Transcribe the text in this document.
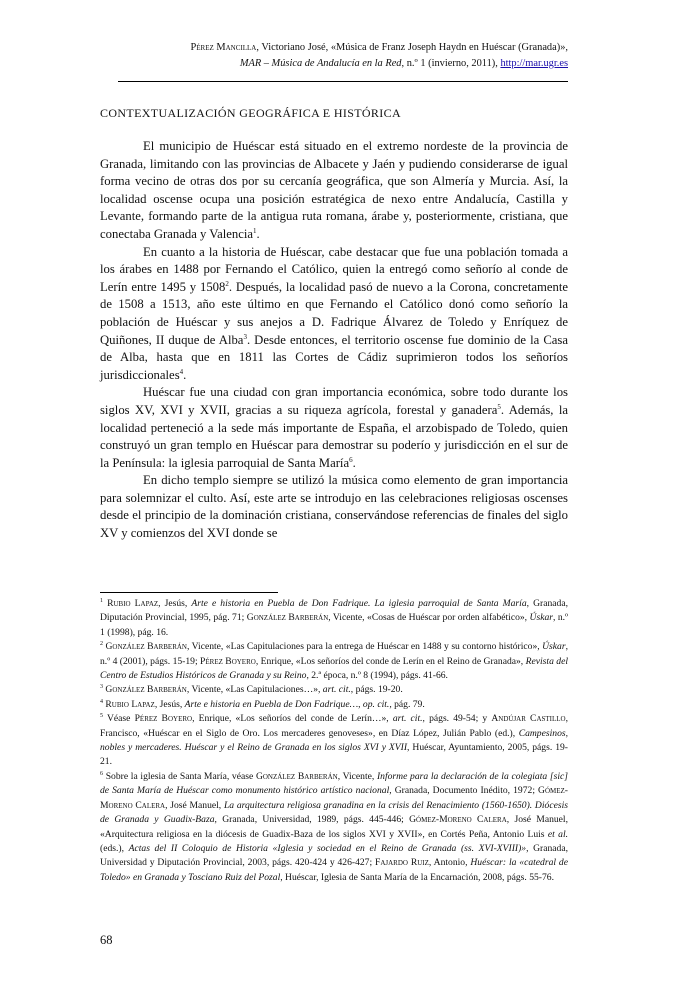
Pérez Mancilla, Victoriano José, «Música de Franz Joseph Haydn en Huéscar (Granada)»,
MAR – Música de Andalucía en la Red, n.º 1 (invierno, 2011), http://mar.ugr.es
CONTEXTUALIZACIÓN GEOGRÁFICA E HISTÓRICA

El municipio de Huéscar está situado en el extremo nordeste de la provincia de Granada, limitando con las provincias de Albacete y Jaén y pudiendo considerarse de igual forma vecino de otras dos por su cercanía geográfica, que son Almería y Murcia. Así, la localidad oscense ocupa una posición estratégica de nexo entre Andalucía, Castilla y Levante, formando parte de la antigua ruta romana, árabe y, posteriormente, cristiana, que conectaba Granada y Valencia$^1$.

En cuanto a la historia de Huéscar, cabe destacar que fue una población tomada a los árabes en 1488 por Fernando el Católico, quien la entregó como señorío al conde de Lerín entre 1495 y 1508$^2$. Después, la localidad pasó de nuevo a la Corona, concretamente de 1508 a 1513, año este último en que Fernando el Católico donó como señorío la población de Huéscar y sus anejos a D. Fadrique Álvarez de Toledo y Enríquez de Quiñones, II duque de Alba$^3$. Desde entonces, el territorio oscense fue dominio de la Casa de Alba, hasta que en 1811 las Cortes de Cádiz suprimieron todos los señoríos jurisdiccionales$^4$.

Huéscar fue una ciudad con gran importancia económica, sobre todo durante los siglos XV, XVI y XVII, gracias a su riqueza agrícola, forestal y ganadera$^5$. Además, la localidad perteneció a la sede más importante de España, el arzobispado de Toledo, quien construyó un gran templo en Huéscar para demostrar su poderío y jurisdicción en el sur de la Península: la iglesia parroquial de Santa María$^6$.

En dicho templo siempre se utilizó la música como elemento de gran importancia para solemnizar el culto. Así, este arte se introdujo en las celebraciones religiosas oscenses desde el principio de la dominación cristiana, conservándose referencias de finales del siglo XV y comienzos del XVI donde se

$^1$ Rubio Lapaz, Jesús, Arte e historia en Puebla de Don Fadrique. La iglesia parroquial de Santa María, Granada, Diputación Provincial, 1995, pág. 71; González Barberán, Vicente, «Cosas de Huéscar por orden alfabético», Úskar, n.º 1 (1998), pág. 16.

$^2$ González Barberán, Vicente, «Las Capitulaciones para la entrega de Huéscar en 1488 y su contorno histórico», Úskar, n.º 4 (2001), págs. 15-19; Pérez Boyero, Enrique, «Los señoríos del conde de Lerín en el Reino de Granada», Revista del Centro de Estudios Históricos de Granada y su Reino, 2.ª época, n.º 8 (1994), págs. 41-66.

$^3$ González Barberán, Vicente, «Las Capitulaciones…», art. cit., págs. 19-20.

$^4$ Rubio Lapaz, Jesús, Arte e historia en Puebla de Don Fadrique…, op. cit., pág. 79.

$^5$ Véase Pérez Boyero, Enrique, «Los señoríos del conde de Lerín…», art. cit., págs. 49-54; y Andújar Castillo, Francisco, «Huéscar en el Siglo de Oro. Los mercaderes genoveses», en Díaz López, Julián Pablo (ed.), Campesinos, nobles y mercaderes. Huéscar y el Reino de Granada en los siglos XVI y XVII, Huéscar, Ayuntamiento, 2005, págs. 19-21.

$^6$ Sobre la iglesia de Santa María, véase González Barberán, Vicente, Informe para la declaración de la colegiata [sic] de Santa María de Huéscar como monumento histórico artístico nacional, Granada, Documento Inédito, 1972; Gómez-Moreno Calera, José Manuel, La arquitectura religiosa granadina en la crisis del Renacimiento (1560-1650). Diócesis de Granada y Guadix-Baza, Granada, Universidad, 1989, págs. 445-446; Gómez-Moreno Calera, José Manuel, «Arquitectura religiosa en la diócesis de Guadix-Baza de los siglos XVI y XVII», en Cortés Peña, Antonio Luis et al. (eds.), Actas del II Coloquio de Historia «Iglesia y sociedad en el Reino de Granada (ss. XVI-XVIII)», Granada, Universidad y Diputación Provincial, 2003, págs. 420-424 y 426-427; Fajardo Ruiz, Antonio, Huéscar: la «catedral de Toledo» en Granada y Tosciano Ruiz del Pozal, Huéscar, Iglesia de Santa María de la Encarnación, 2008, págs. 55-76.

68
